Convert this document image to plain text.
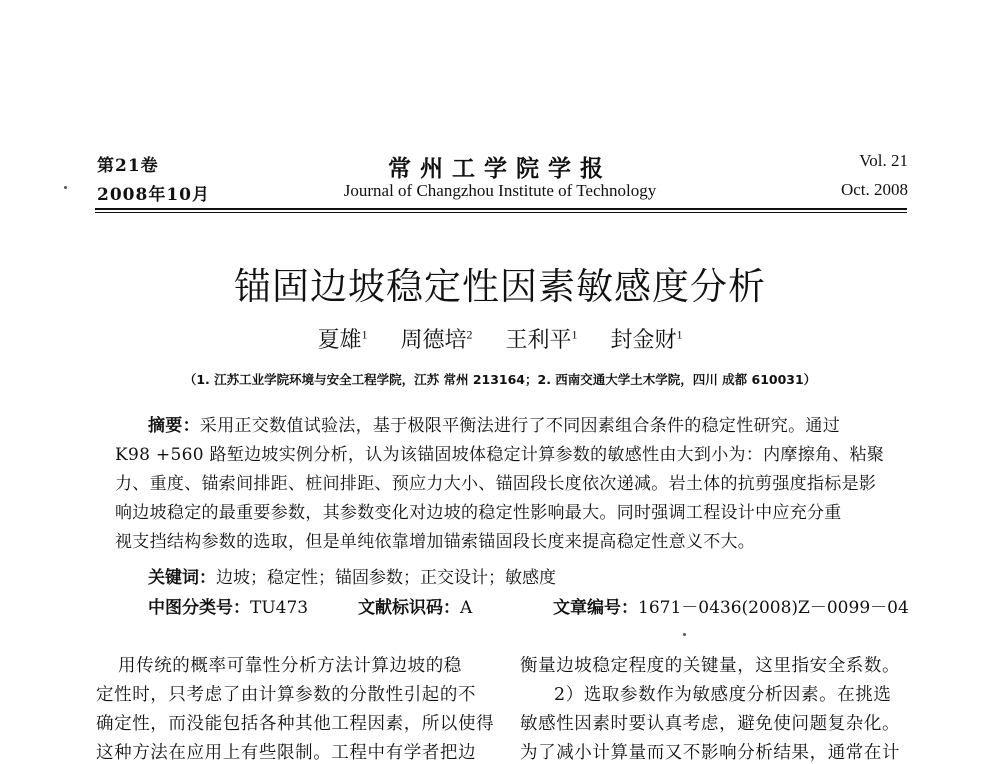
第21卷
2008年10月
常州工学院学报
Journal of Changzhou Institute of Technology
Vol. 21
Oct. 2008
锚固边坡稳定性因素敏感度分析
夏雄$^1$ 周德培$^2$ 王利平$^1$ 封金财$^1$
（1. 江苏工业学院环境与安全工程学院，江苏 常州 213164；2. 西南交通大学土木学院，四川 成都 610031）
摘要：采用正交数值试验法，基于极限平衡法进行了不同因素组合条件的稳定性研究。通过
K98 +560 路堑边坡实例分析，认为该锚固坡体稳定计算参数的敏感性由大到小为：内摩擦角、粘聚
力、重度、锚索间排距、桩间排距、预应力大小、锚固段长度依次递减。岩土体的抗剪强度指标是影
响边坡稳定的最重要参数，其参数变化对边坡的稳定性影响最大。同时强调工程设计中应充分重
视支挡结构参数的选取，但是单纯依靠增加锚索锚固段长度来提高稳定性意义不大。
关键词：边坡；稳定性；锚固参数；正交设计；敏感度
中图分类号：TU473	文献标识码：A	文章编号：1671－0436(2008)Z－0099－04
用传统的概率可靠性分析方法计算边坡的稳
定性时，只考虑了由计算参数的分散性引起的不
确定性，而没能包括各种其他工程因素，所以使得
这种方法在应用上有些限制。工程中有学者把边
衡量边坡稳定程度的关键量，这里指安全系数。
2）选取参数作为敏感度分析因素。在挑选
敏感性因素时要认真考虑，避免使问题复杂化。
为了减小计算量而又不影响分析结果，通常在计
